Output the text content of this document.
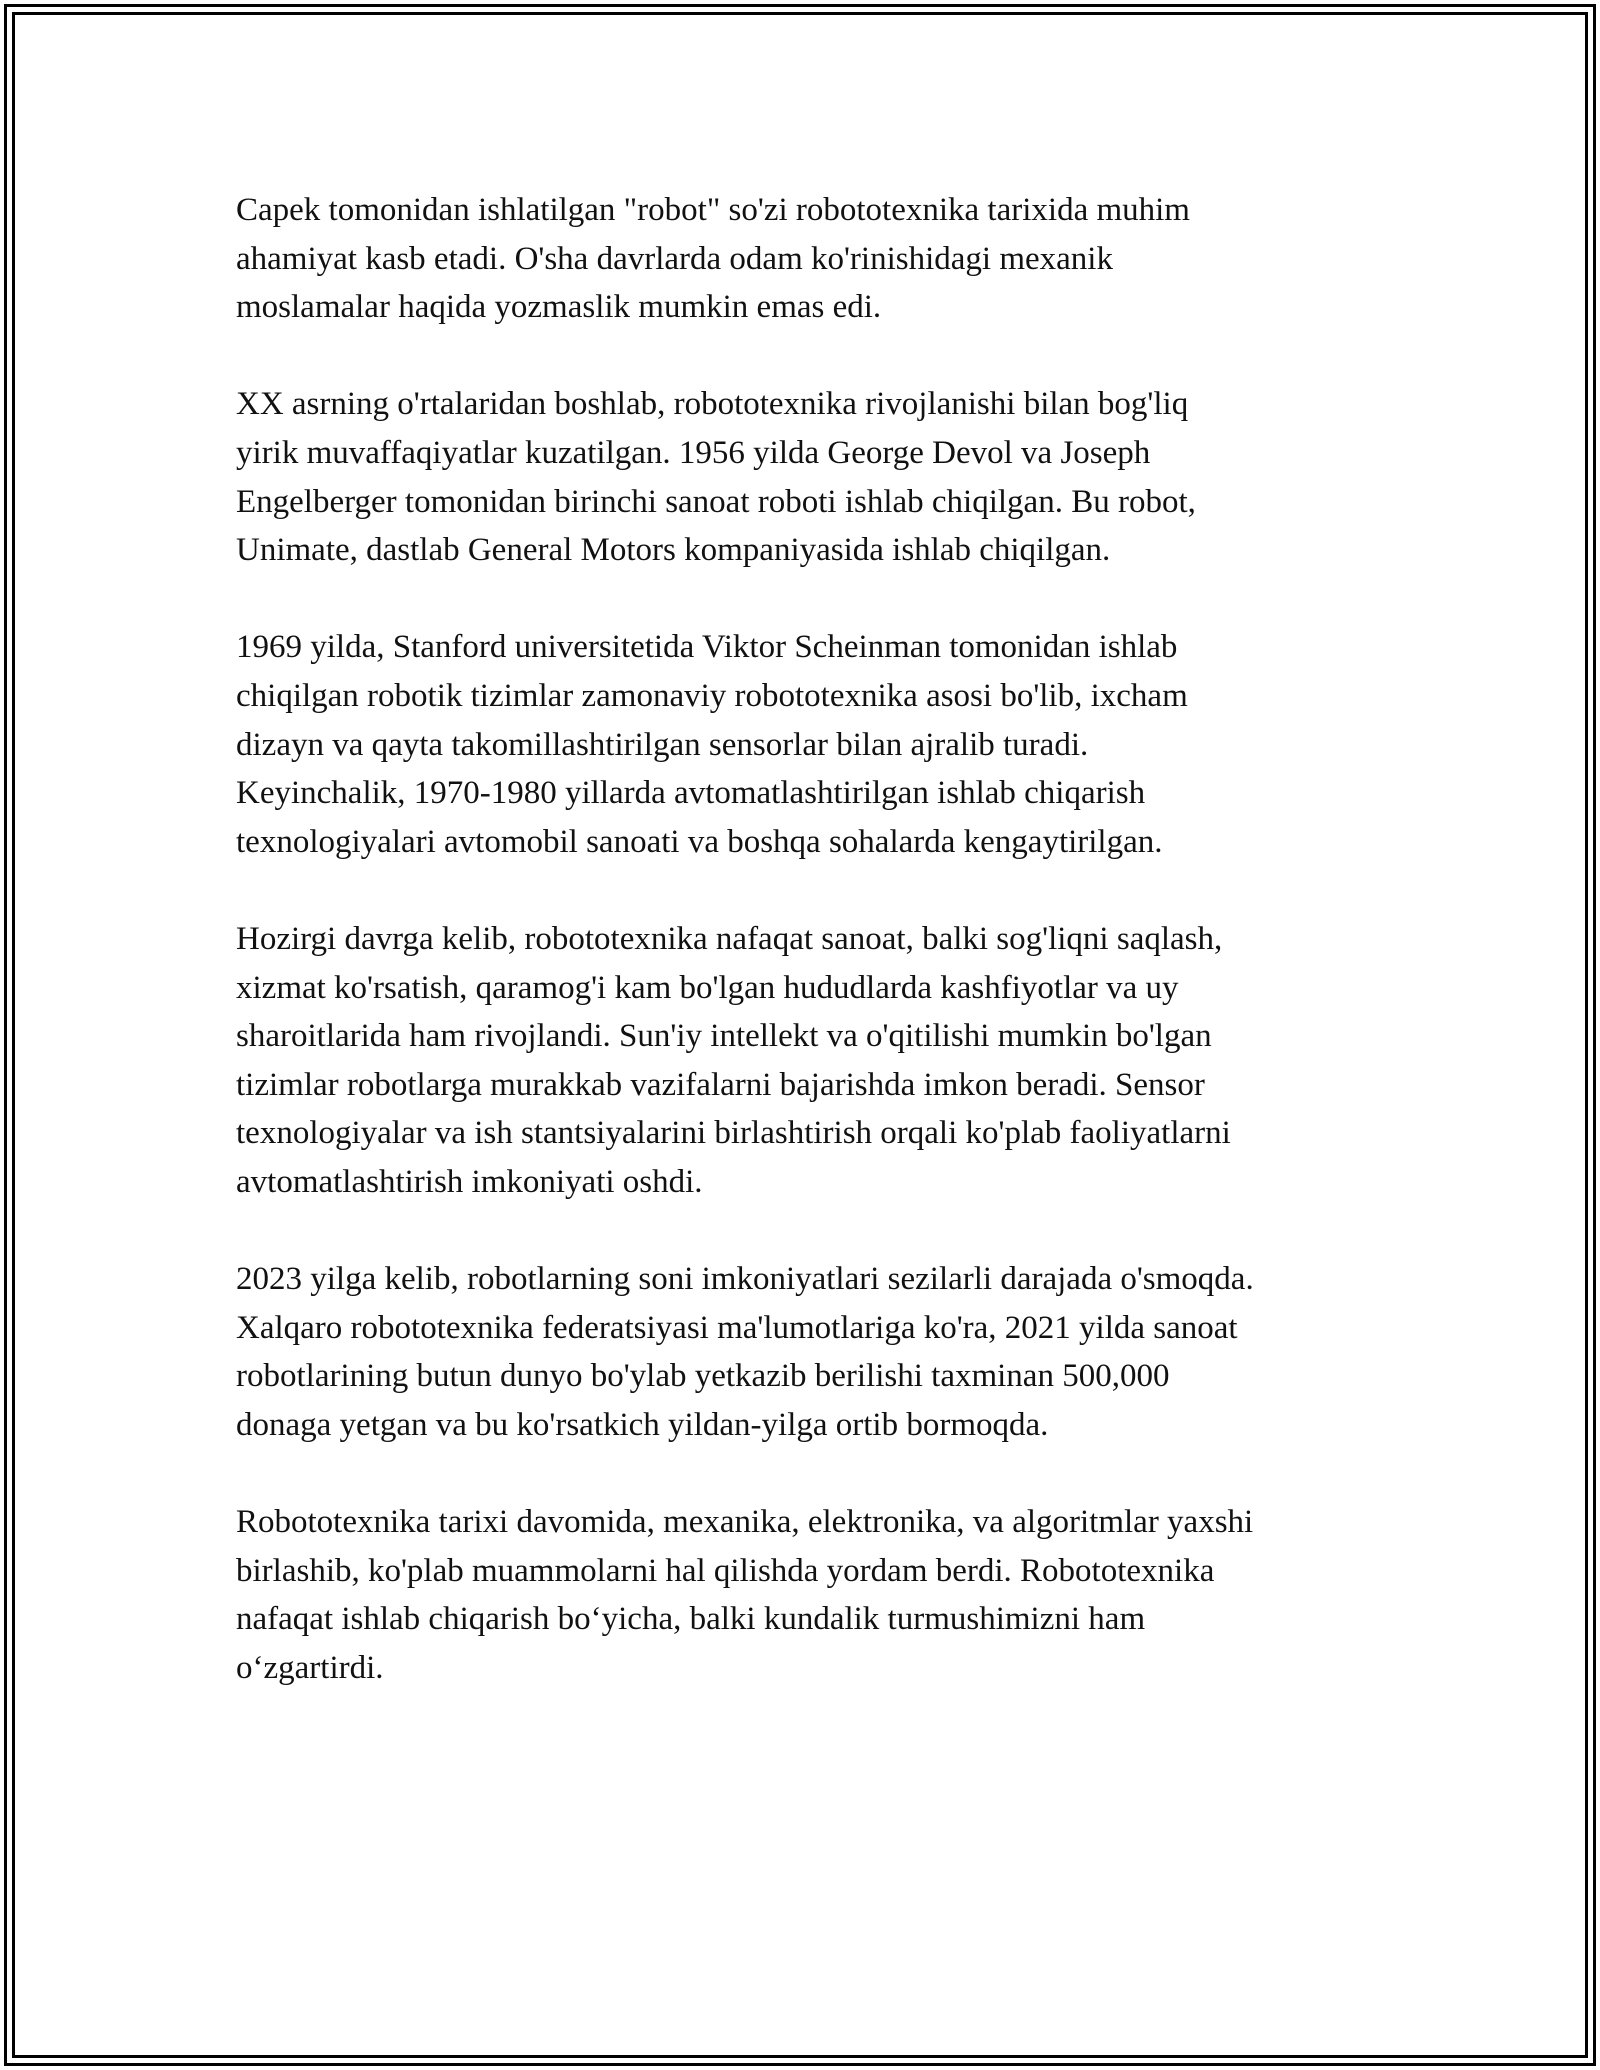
Capek tomonidan ishlatilgan "robot" so'zi robototexnika tarixida muhim
ahamiyat kasb etadi. O'sha davrlarda odam ko'rinishidagi mexanik
moslamalar haqida yozmaslik mumkin emas edi.

XX asrning o'rtalaridan boshlab, robototexnika rivojlanishi bilan bog'liq
yirik muvaffaqiyatlar kuzatilgan. 1956 yilda George Devol va Joseph
Engelberger tomonidan birinchi sanoat roboti ishlab chiqilgan. Bu robot,
Unimate, dastlab General Motors kompaniyasida ishlab chiqilgan.

1969 yilda, Stanford universitetida Viktor Scheinman tomonidan ishlab
chiqilgan robotik tizimlar zamonaviy robototexnika asosi bo'lib, ixcham
dizayn va qayta takomillashtirilgan sensorlar bilan ajralib turadi.
Keyinchalik, 1970-1980 yillarda avtomatlashtirilgan ishlab chiqarish
texnologiyalari avtomobil sanoati va boshqa sohalarda kengaytirilgan.

Hozirgi davrga kelib, robototexnika nafaqat sanoat, balki sog'liqni saqlash,
xizmat ko'rsatish, qaramog'i kam bo'lgan hududlarda kashfiyotlar va uy
sharoitlarida ham rivojlandi. Sun'iy intellekt va o'qitilishi mumkin bo'lgan
tizimlar robotlarga murakkab vazifalarni bajarishda imkon beradi. Sensor
texnologiyalar va ish stantsiyalarini birlashtirish orqali ko'plab faoliyatlarni
avtomatlashtirish imkoniyati oshdi.

2023 yilga kelib, robotlarning soni imkoniyatlari sezilarli darajada o'smoqda.
Xalqaro robototexnika federatsiyasi ma'lumotlariga ko'ra, 2021 yilda sanoat
robotlarining butun dunyo bo'ylab yetkazib berilishi taxminan 500,000
donaga yetgan va bu ko'rsatkich yildan-yilga ortib bormoqda.

Robototexnika tarixi davomida, mexanika, elektronika, va algoritmlar yaxshi
birlashib, ko'plab muammolarni hal qilishda yordam berdi. Robototexnika
nafaqat ishlab chiqarish bo‘yicha, balki kundalik turmushimizni ham
o‘zgartirdi.
